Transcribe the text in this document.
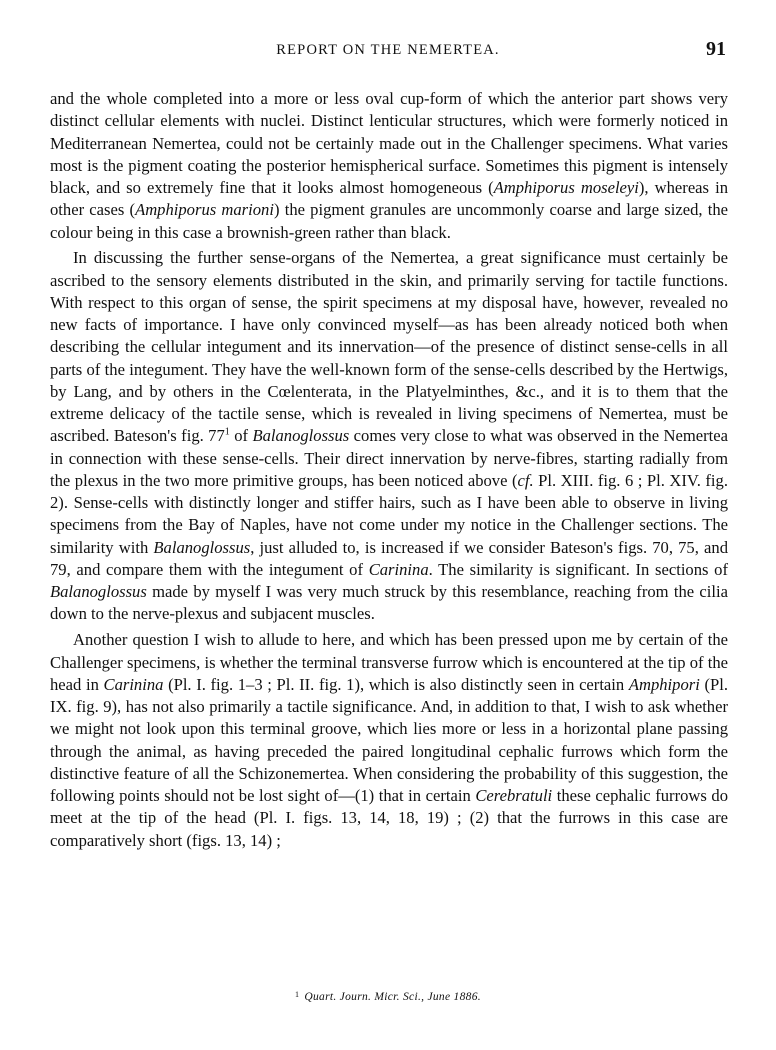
REPORT ON THE NEMERTEA.	91

and the whole completed into a more or less oval cup-form of which the anterior part shows very distinct cellular elements with nuclei. Distinct lenticular structures, which were formerly noticed in Mediterranean Nemertea, could not be certainly made out in the Challenger specimens. What varies most is the pigment coating the posterior hemispherical surface. Sometimes this pigment is intensely black, and so extremely fine that it looks almost homogeneous (Amphiporus moseleyi), whereas in other cases (Amphiporus marioni) the pigment granules are uncommonly coarse and large sized, the colour being in this case a brownish-green rather than black.

In discussing the further sense-organs of the Nemertea, a great significance must certainly be ascribed to the sensory elements distributed in the skin, and primarily serving for tactile functions. With respect to this organ of sense, the spirit specimens at my disposal have, however, revealed no new facts of importance. I have only convinced myself—as has been already noticed both when describing the cellular integument and its innervation—of the presence of distinct sense-cells in all parts of the integument. They have the well-known form of the sense-cells described by the Hertwigs, by Lang, and by others in the Cœlenterata, in the Platyelminthes, &c., and it is to them that the extreme delicacy of the tactile sense, which is revealed in living specimens of Nemertea, must be ascribed. Bateson's fig. $77^1$ of Balanoglossus comes very close to what was observed in the Nemertea in connection with these sense-cells. Their direct innervation by nerve-fibres, starting radially from the plexus in the two more primitive groups, has been noticed above (cf. Pl. XIII. fig. 6 ; Pl. XIV. fig. 2). Sense-cells with distinctly longer and stiffer hairs, such as I have been able to observe in living specimens from the Bay of Naples, have not come under my notice in the Challenger sections. The similarity with Balanoglossus, just alluded to, is increased if we consider Bateson's figs. 70, 75, and 79, and compare them with the integument of Carinina. The similarity is significant. In sections of Balanoglossus made by myself I was very much struck by this resemblance, reaching from the cilia down to the nerve-plexus and subjacent muscles.

Another question I wish to allude to here, and which has been pressed upon me by certain of the Challenger specimens, is whether the terminal transverse furrow which is encountered at the tip of the head in Carinina (Pl. I. fig. 1–3 ; Pl. II. fig. 1), which is also distinctly seen in certain Amphipori (Pl. IX. fig. 9), has not also primarily a tactile significance. And, in addition to that, I wish to ask whether we might not look upon this terminal groove, which lies more or less in a horizontal plane passing through the animal, as having preceded the paired longitudinal cephalic furrows which form the distinctive feature of all the Schizonemertea. When considering the probability of this suggestion, the following points should not be lost sight of—(1) that in certain Cerebratuli these cephalic furrows do meet at the tip of the head (Pl. I. figs. 13, 14, 18, 19) ; (2) that the furrows in this case are comparatively short (figs. 13, 14) ;

$^1$ Quart. Journ. Micr. Sci., June 1886.
